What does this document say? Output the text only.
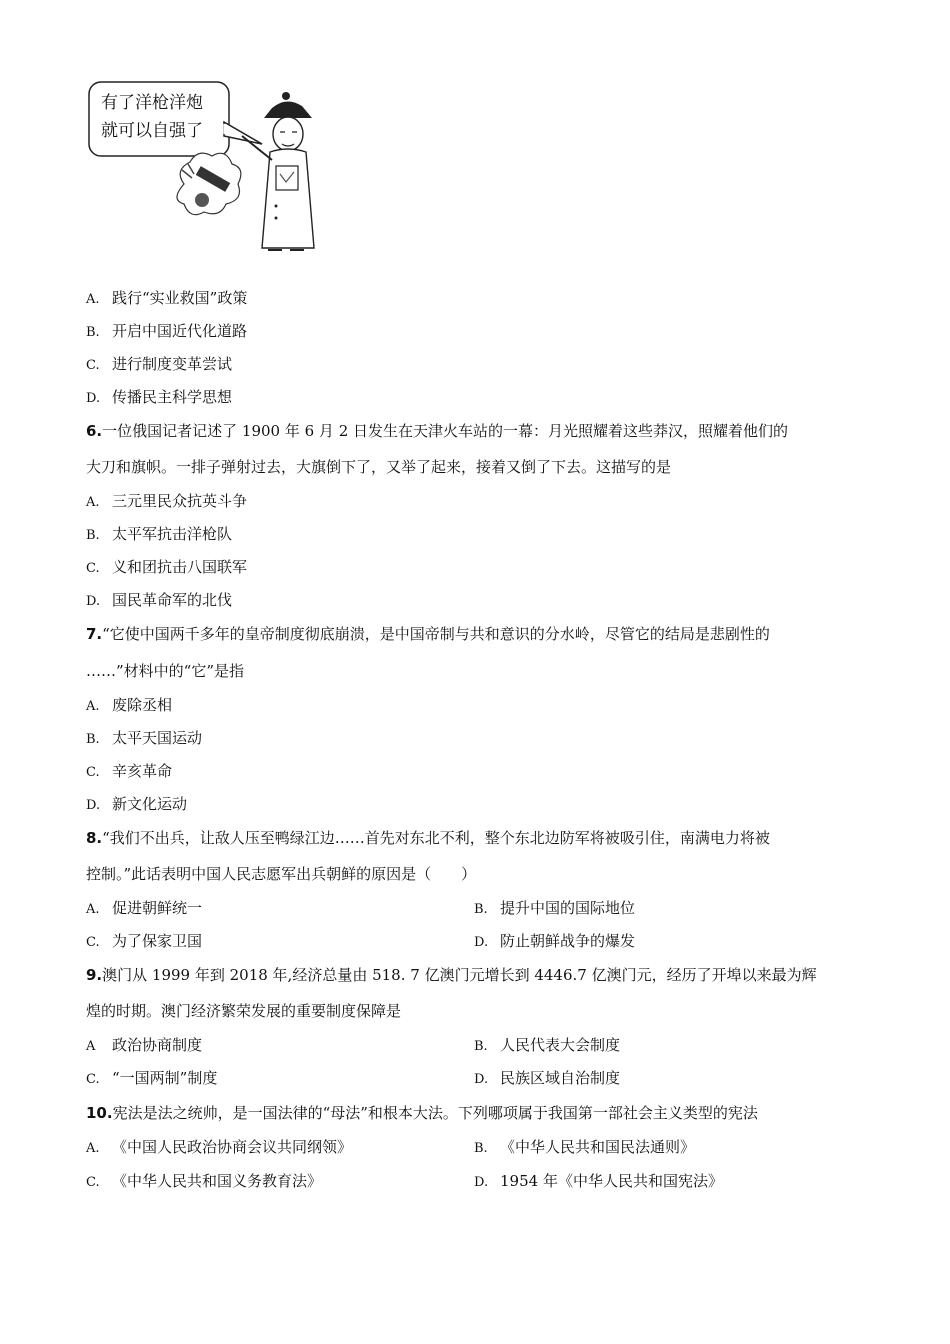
有了洋枪洋炮
就可以自强了
A. 践行“实业救国”政策
B. 开启中国近代化道路
C. 进行制度变革尝试
D. 传播民主科学思想
6.一位俄国记者记述了 1900 年 6 月 2 日发生在天津火车站的一幕：月光照耀着这些莽汉，照耀着他们的
大刀和旗帜。一排子弹射过去，大旗倒下了，又举了起来，接着又倒了下去。这描写的是
A. 三元里民众抗英斗争
B. 太平军抗击洋枪队
C. 义和团抗击八国联军
D. 国民革命军的北伐
7.“它使中国两千多年的皇帝制度彻底崩溃，是中国帝制与共和意识的分水岭，尽管它的结局是悲剧性的
……”材料中的“它”是指
A. 废除丞相
B. 太平天国运动
C. 辛亥革命
D. 新文化运动
8.“我们不出兵，让敌人压至鸭绿江边……首先对东北不利，整个东北边防军将被吸引住，南满电力将被
控制。”此话表明中国人民志愿军出兵朝鲜的原因是（　　）
A. 促进朝鲜统一	B. 提升中国的国际地位
C. 为了保家卫国	D. 防止朝鲜战争的爆发
9.澳门从 1999 年到 2018 年,经济总量由 518. 7 亿澳门元增长到 4446.7 亿澳门元，经历了开埠以来最为辉
煌的时期。澳门经济繁荣发展的重要制度保障是
A 政治协商制度	B. 人民代表大会制度
C. “一国两制”制度	D. 民族区域自治制度
10.宪法是法之统帅，是一国法律的“母法”和根本大法。下列哪项属于我国第一部社会主义类型的宪法
A. 《中国人民政治协商会议共同纲领》	B. 《中华人民共和国民法通则》
C. 《中华人民共和国义务教育法》	D. 1954 年《中华人民共和国宪法》
